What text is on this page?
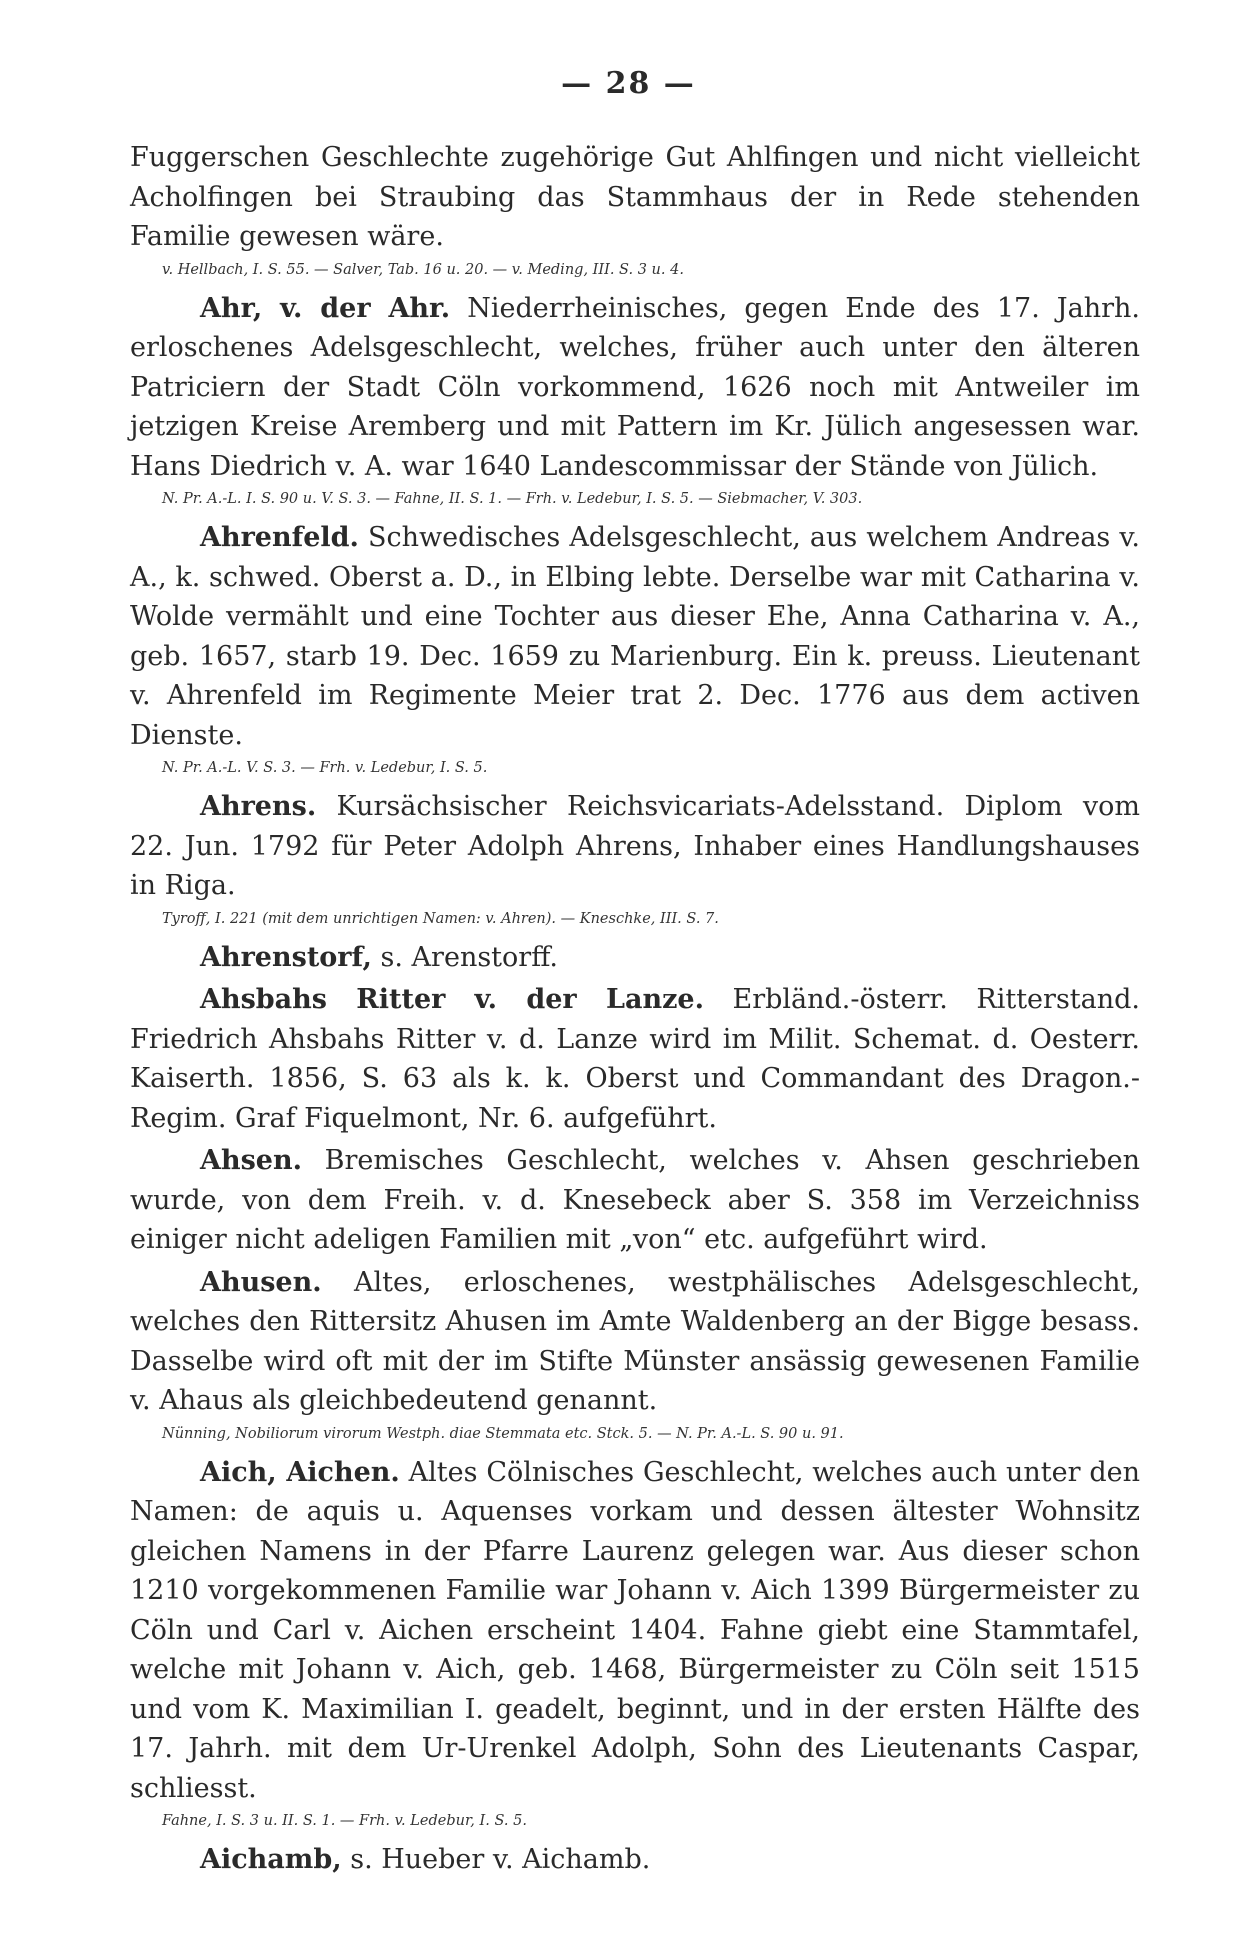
— 28 —

Fuggerschen Geschlechte zugehörige Gut Ahlfingen und nicht vielleicht Acholfingen bei Straubing das Stammhaus der in Rede stehenden Familie gewesen wäre.

v. Hellbach, I. S. 55. — Salver, Tab. 16 u. 20. — v. Meding, III. S. 3 u. 4.

Ahr, v. der Ahr. Niederrheinisches, gegen Ende des 17. Jahrh. erloschenes Adelsgeschlecht, welches, früher auch unter den älteren Patriciern der Stadt Cöln vorkommend, 1626 noch mit Antweiler im jetzigen Kreise Aremberg und mit Pattern im Kr. Jülich angesessen war. Hans Diedrich v. A. war 1640 Landescommissar der Stände von Jülich.

N. Pr. A.-L. I. S. 90 u. V. S. 3. — Fahne, II. S. 1. — Frh. v. Ledebur, I. S. 5. — Siebmacher, V. 303.

Ahrenfeld. Schwedisches Adelsgeschlecht, aus welchem Andreas v. A., k. schwed. Oberst a. D., in Elbing lebte. Derselbe war mit Catharina v. Wolde vermählt und eine Tochter aus dieser Ehe, Anna Catharina v. A., geb. 1657, starb 19. Dec. 1659 zu Marienburg. Ein k. preuss. Lieutenant v. Ahrenfeld im Regimente Meier trat 2. Dec. 1776 aus dem activen Dienste.

N. Pr. A.-L. V. S. 3. — Frh. v. Ledebur, I. S. 5.

Ahrens. Kursächsischer Reichsvicariats-Adelsstand. Diplom vom 22. Jun. 1792 für Peter Adolph Ahrens, Inhaber eines Handlungshauses in Riga.

Tyroff, I. 221 (mit dem unrichtigen Namen: v. Ahren). — Kneschke, III. S. 7.

Ahrenstorf, s. Arenstorff.

Ahsbahs Ritter v. der Lanze. Erbländ.-österr. Ritterstand. Friedrich Ahsbahs Ritter v. d. Lanze wird im Milit. Schemat. d. Oesterr. Kaiserth. 1856, S. 63 als k. k. Oberst und Commandant des Dragon.-Regim. Graf Fiquelmont, Nr. 6. aufgeführt.

Ahsen. Bremisches Geschlecht, welches v. Ahsen geschrieben wurde, von dem Freih. v. d. Knesebeck aber S. 358 im Verzeichniss einiger nicht adeligen Familien mit „von“ etc. aufgeführt wird.

Ahusen. Altes, erloschenes, westphälisches Adelsgeschlecht, welches den Rittersitz Ahusen im Amte Waldenberg an der Bigge besass. Dasselbe wird oft mit der im Stifte Münster ansässig gewesenen Familie v. Ahaus als gleichbedeutend genannt.

Nünning, Nobiliorum virorum Westph. diae Stemmata etc. Stck. 5. — N. Pr. A.-L. S. 90 u. 91.

Aich, Aichen. Altes Cölnisches Geschlecht, welches auch unter den Namen: de aquis u. Aquenses vorkam und dessen ältester Wohnsitz gleichen Namens in der Pfarre Laurenz gelegen war. Aus dieser schon 1210 vorgekommenen Familie war Johann v. Aich 1399 Bürgermeister zu Cöln und Carl v. Aichen erscheint 1404. Fahne giebt eine Stammtafel, welche mit Johann v. Aich, geb. 1468, Bürgermeister zu Cöln seit 1515 und vom K. Maximilian I. geadelt, beginnt, und in der ersten Hälfte des 17. Jahrh. mit dem Ur-Urenkel Adolph, Sohn des Lieutenants Caspar, schliesst.

Fahne, I. S. 3 u. II. S. 1. — Frh. v. Ledebur, I. S. 5.

Aichamb, s. Hueber v. Aichamb.
